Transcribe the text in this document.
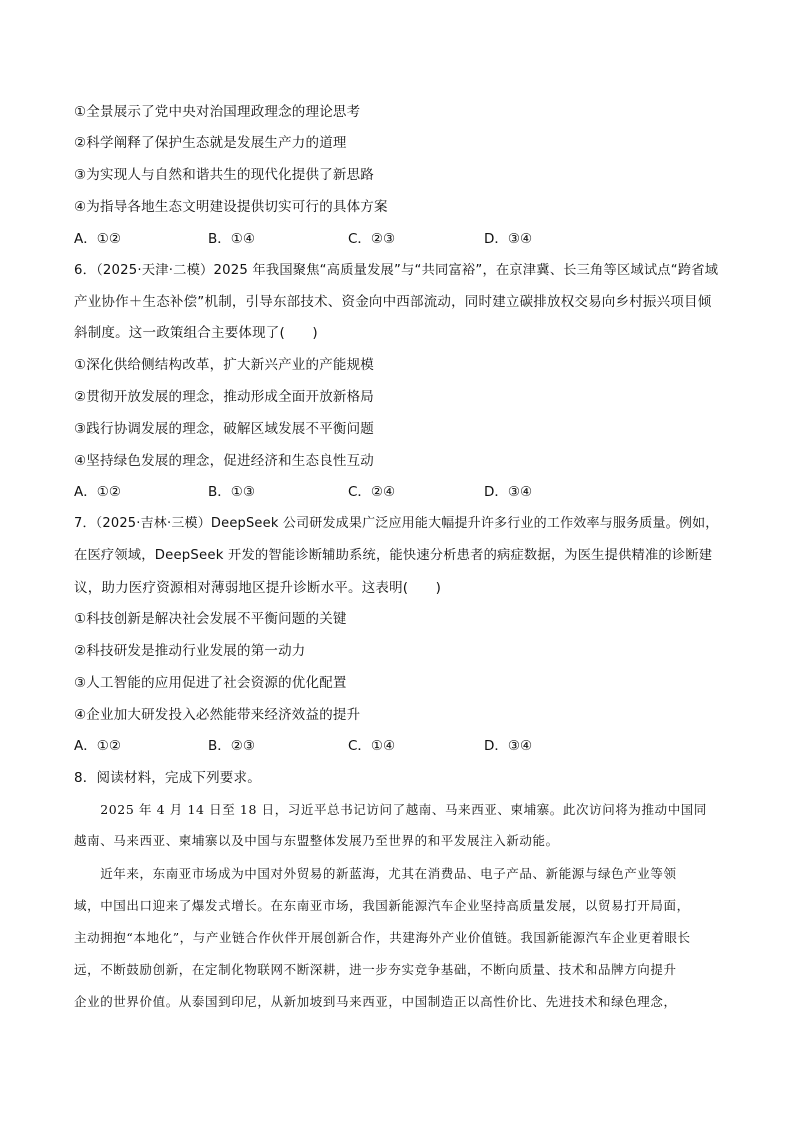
①全景展示了党中央对治国理政理念的理论思考
②科学阐释了保护生态就是发展生产力的道理
③为实现人与自然和谐共生的现代化提供了新思路
④为指导各地生态文明建设提供切实可行的具体方案
A．①②	B．①④	C．②③	D．③④
6．（2025·天津·二模）2025 年我国聚焦“高质量发展”与“共同富裕”，在京津冀、长三角等区域试点“跨省域
产业协作＋生态补偿”机制，引导东部技术、资金向中西部流动，同时建立碳排放权交易向乡村振兴项目倾
斜制度。这一政策组合主要体现了(　　)
①深化供给侧结构改革，扩大新兴产业的产能规模
②贯彻开放发展的理念，推动形成全面开放新格局
③践行协调发展的理念，破解区域发展不平衡问题
④坚持绿色发展的理念，促进经济和生态良性互动
A．①②	B．①③	C．②④	D．③④
7．（2025·吉林·三模）DeepSeek 公司研发成果广泛应用能大幅提升许多行业的工作效率与服务质量。例如，
在医疗领域，DeepSeek 开发的智能诊断辅助系统，能快速分析患者的病症数据，为医生提供精准的诊断建
议，助力医疗资源相对薄弱地区提升诊断水平。这表明(　　)
①科技创新是解决社会发展不平衡问题的关键
②科技研发是推动行业发展的第一动力
③人工智能的应用促进了社会资源的优化配置
④企业加大研发投入必然能带来经济效益的提升
A．①②	B．②③	C．①④	D．③④
8．阅读材料，完成下列要求。
　　2025 年 4 月 14 日至 18 日，习近平总书记访问了越南、马来西亚、柬埔寨。此次访问将为推动中国同
越南、马来西亚、柬埔寨以及中国与东盟整体发展乃至世界的和平发展注入新动能。
　　近年来，东南亚市场成为中国对外贸易的新蓝海，尤其在消费品、电子产品、新能源与绿色产业等领
域，中国出口迎来了爆发式增长。在东南亚市场，我国新能源汽车企业坚持高质量发展，以贸易打开局面，
主动拥抱“本地化”，与产业链合作伙伴开展创新合作，共建海外产业价值链。我国新能源汽车企业更着眼长
远，不断鼓励创新，在定制化物联网不断深耕，进一步夯实竞争基础，不断向质量、技术和品牌方向提升
企业的世界价值。从泰国到印尼，从新加坡到马来西亚，中国制造正以高性价比、先进技术和绿色理念，
